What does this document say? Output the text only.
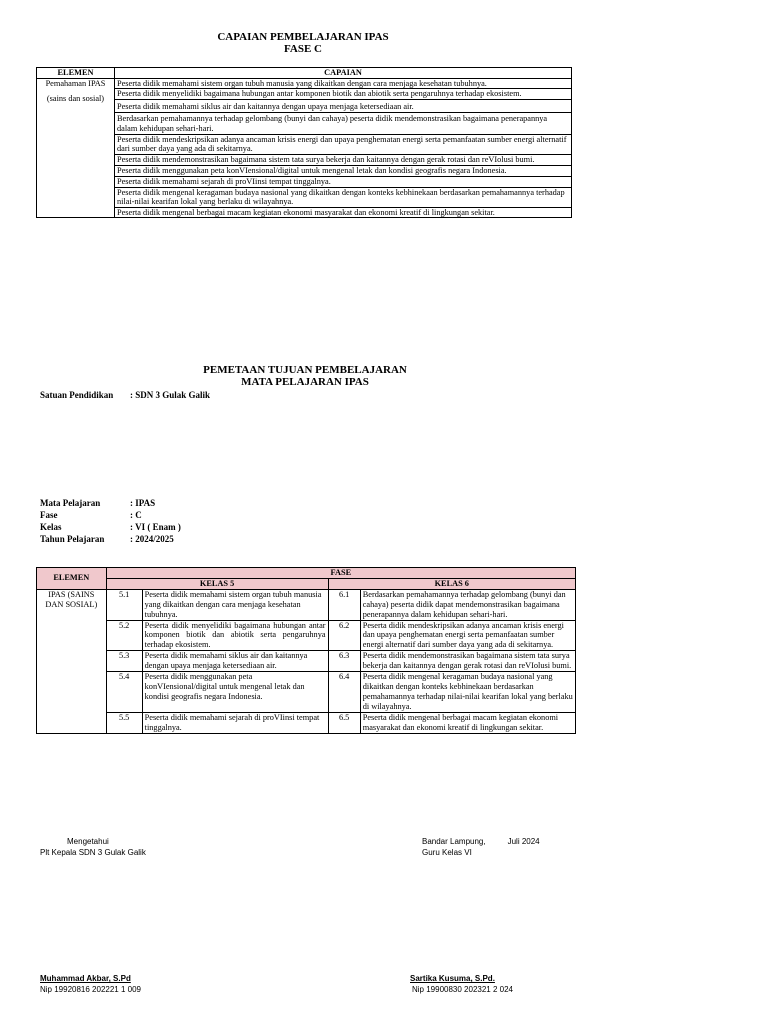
CAPAIAN PEMBELAJARAN IPAS
FASE C
ELEMEN	CAPAIAN

Pemahaman IPAS
(sains dan sosial)	Peserta didik memahami sistem organ tubuh manusia yang dikaitkan dengan cara menjaga kesehatan tubuhnya.
	Peserta didik menyelidiki bagaimana hubungan antar komponen biotik dan abiotik serta pengaruhnya terhadap ekosistem.
	Peserta didik memahami siklus air dan kaitannya dengan upaya menjaga ketersediaan air.
	Berdasarkan pemahamannya terhadap gelombang (bunyi dan cahaya) peserta didik mendemonstrasikan bagaimana penerapannya dalam kehidupan sehari-hari.
	Peserta didik mendeskripsikan adanya ancaman krisis energi dan upaya penghematan energi serta pemanfaatan sumber energi alternatif dari sumber daya yang ada di sekitarnya.
	Peserta didik mendemonstrasikan bagaimana sistem tata surya bekerja dan kaitannya dengan gerak rotasi dan reVIolusi bumi.
	Peserta didik menggunakan peta konVIensional/digital untuk mengenal letak dan kondisi geografis negara Indonesia.
	Peserta didik memahami sejarah di proVIinsi tempat tinggalnya.
	Peserta didik mengenal keragaman budaya nasional yang dikaitkan dengan konteks kebhinekaan berdasarkan pemahamannya terhadap nilai-nilai kearifan lokal yang berlaku di wilayahnya.
	Peserta didik mengenal berbagai macam kegiatan ekonomi masyarakat dan ekonomi kreatif di lingkungan sekitar.
PEMETAAN TUJUAN PEMBELAJARAN
MATA PELAJARAN IPAS
Satuan Pendidikan : SDN 3 Gulak Galik
Mata Pelajaran	: IPAS
Fase	: C
Kelas	: VI ( Enam )
Tahun Pelajaran	: 2024/2025
ELEMEN	FASE			
	KELAS 5		KELAS 6	
IPAS (SAINS DAN SOSIAL)	5.1	Peserta didik memahami sistem organ tubuh manusia yang dikaitkan dengan cara menjaga kesehatan tubuhnya.	6.1	Berdasarkan pemahamannya terhadap gelombang (bunyi dan cahaya) peserta didik dapat mendemonstrasikan bagaimana penerapannya dalam kehidupan sehari-hari.
	5.2	Peserta didik menyelidiki bagaimana hubungan antar komponen biotik dan abiotik serta pengaruhnya terhadap ekosistem.	6.2	Peserta didik mendeskripsikan adanya ancaman krisis energi dan upaya penghematan energi serta pemanfaatan sumber energi alternatif dari sumber daya yang ada di sekitarnya.
	5.3	Peserta didik memahami siklus air dan kaitannya dengan upaya menjaga ketersediaan air.	6.3	Peserta didik mendemonstrasikan bagaimana sistem tata surya bekerja dan kaitannya dengan gerak rotasi dan reVIolusi bumi.
	5.4	Peserta didik menggunakan peta konVIensional/digital untuk mengenal letak dan kondisi geografis negara Indonesia.	6.4	Peserta didik mengenal keragaman budaya nasional yang dikaitkan dengan konteks kebhinekaan berdasarkan pemahamannya terhadap nilai-nilai kearifan lokal yang berlaku di wilayahnya.
	5.5	Peserta didik memahami sejarah di proVIinsi tempat tinggalnya.	6.5	Peserta didik mengenal berbagai macam kegiatan ekonomi masyarakat dan ekonomi kreatif di lingkungan sekitar.
Mengetahui
Plt Kepala SDN 3 Gulak Galik
Bandar Lampung,	Juli 2024
Guru Kelas VI
Muhammad Akbar, S.Pd
Nip 19920816 202221 1 009
Sartika Kusuma, S.Pd.
Nip 19900830 202321 2 024
